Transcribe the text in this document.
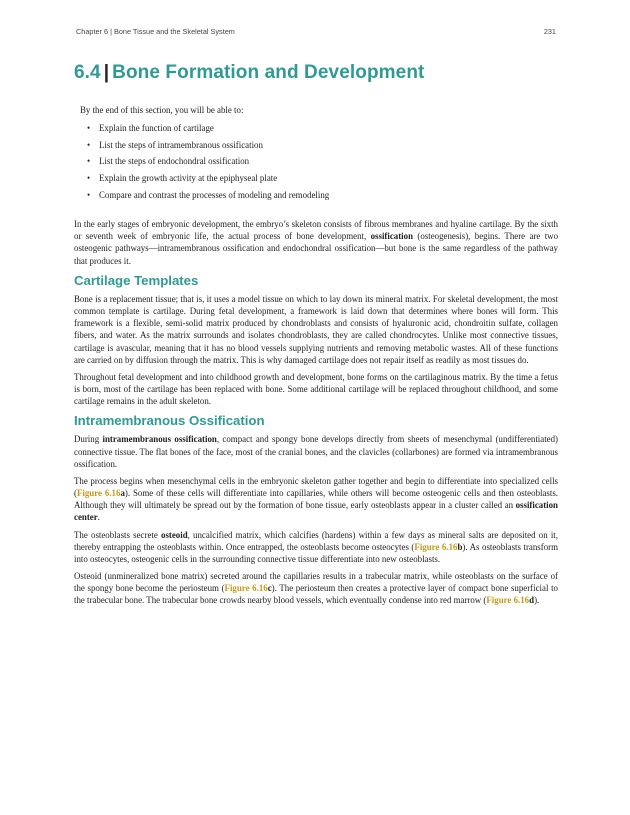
Chapter 6 | Bone Tissue and the Skeletal System	231
6.4 | Bone Formation and Development

By the end of this section, you will be able to:

• Explain the function of cartilage
• List the steps of intramembranous ossification
• List the steps of endochondral ossification
• Explain the growth activity at the epiphyseal plate
• Compare and contrast the processes of modeling and remodeling

In the early stages of embryonic development, the embryo’s skeleton consists of fibrous membranes and hyaline cartilage. By the sixth or seventh week of embryonic life, the actual process of bone development, ossification (osteogenesis), begins. There are two osteogenic pathways—intramembranous ossification and endochondral ossification—but bone is the same regardless of the pathway that produces it.

Cartilage Templates

Bone is a replacement tissue; that is, it uses a model tissue on which to lay down its mineral matrix. For skeletal development, the most common template is cartilage. During fetal development, a framework is laid down that determines where bones will form. This framework is a flexible, semi-solid matrix produced by chondroblasts and consists of hyaluronic acid, chondroitin sulfate, collagen fibers, and water. As the matrix surrounds and isolates chondroblasts, they are called chondrocytes. Unlike most connective tissues, cartilage is avascular, meaning that it has no blood vessels supplying nutrients and removing metabolic wastes. All of these functions are carried on by diffusion through the matrix. This is why damaged cartilage does not repair itself as readily as most tissues do.

Throughout fetal development and into childhood growth and development, bone forms on the cartilaginous matrix. By the time a fetus is born, most of the cartilage has been replaced with bone. Some additional cartilage will be replaced throughout childhood, and some cartilage remains in the adult skeleton.

Intramembranous Ossification

During intramembranous ossification, compact and spongy bone develops directly from sheets of mesenchymal (undifferentiated) connective tissue. The flat bones of the face, most of the cranial bones, and the clavicles (collarbones) are formed via intramembranous ossification.

The process begins when mesenchymal cells in the embryonic skeleton gather together and begin to differentiate into specialized cells (Figure 6.16a). Some of these cells will differentiate into capillaries, while others will become osteogenic cells and then osteoblasts. Although they will ultimately be spread out by the formation of bone tissue, early osteoblasts appear in a cluster called an ossification center.

The osteoblasts secrete osteoid, uncalcified matrix, which calcifies (hardens) within a few days as mineral salts are deposited on it, thereby entrapping the osteoblasts within. Once entrapped, the osteoblasts become osteocytes (Figure 6.16b). As osteoblasts transform into osteocytes, osteogenic cells in the surrounding connective tissue differentiate into new osteoblasts.

Osteoid (unmineralized bone matrix) secreted around the capillaries results in a trabecular matrix, while osteoblasts on the surface of the spongy bone become the periosteum (Figure 6.16c). The periosteum then creates a protective layer of compact bone superficial to the trabecular bone. The trabecular bone crowds nearby blood vessels, which eventually condense into red marrow (Figure 6.16d).
